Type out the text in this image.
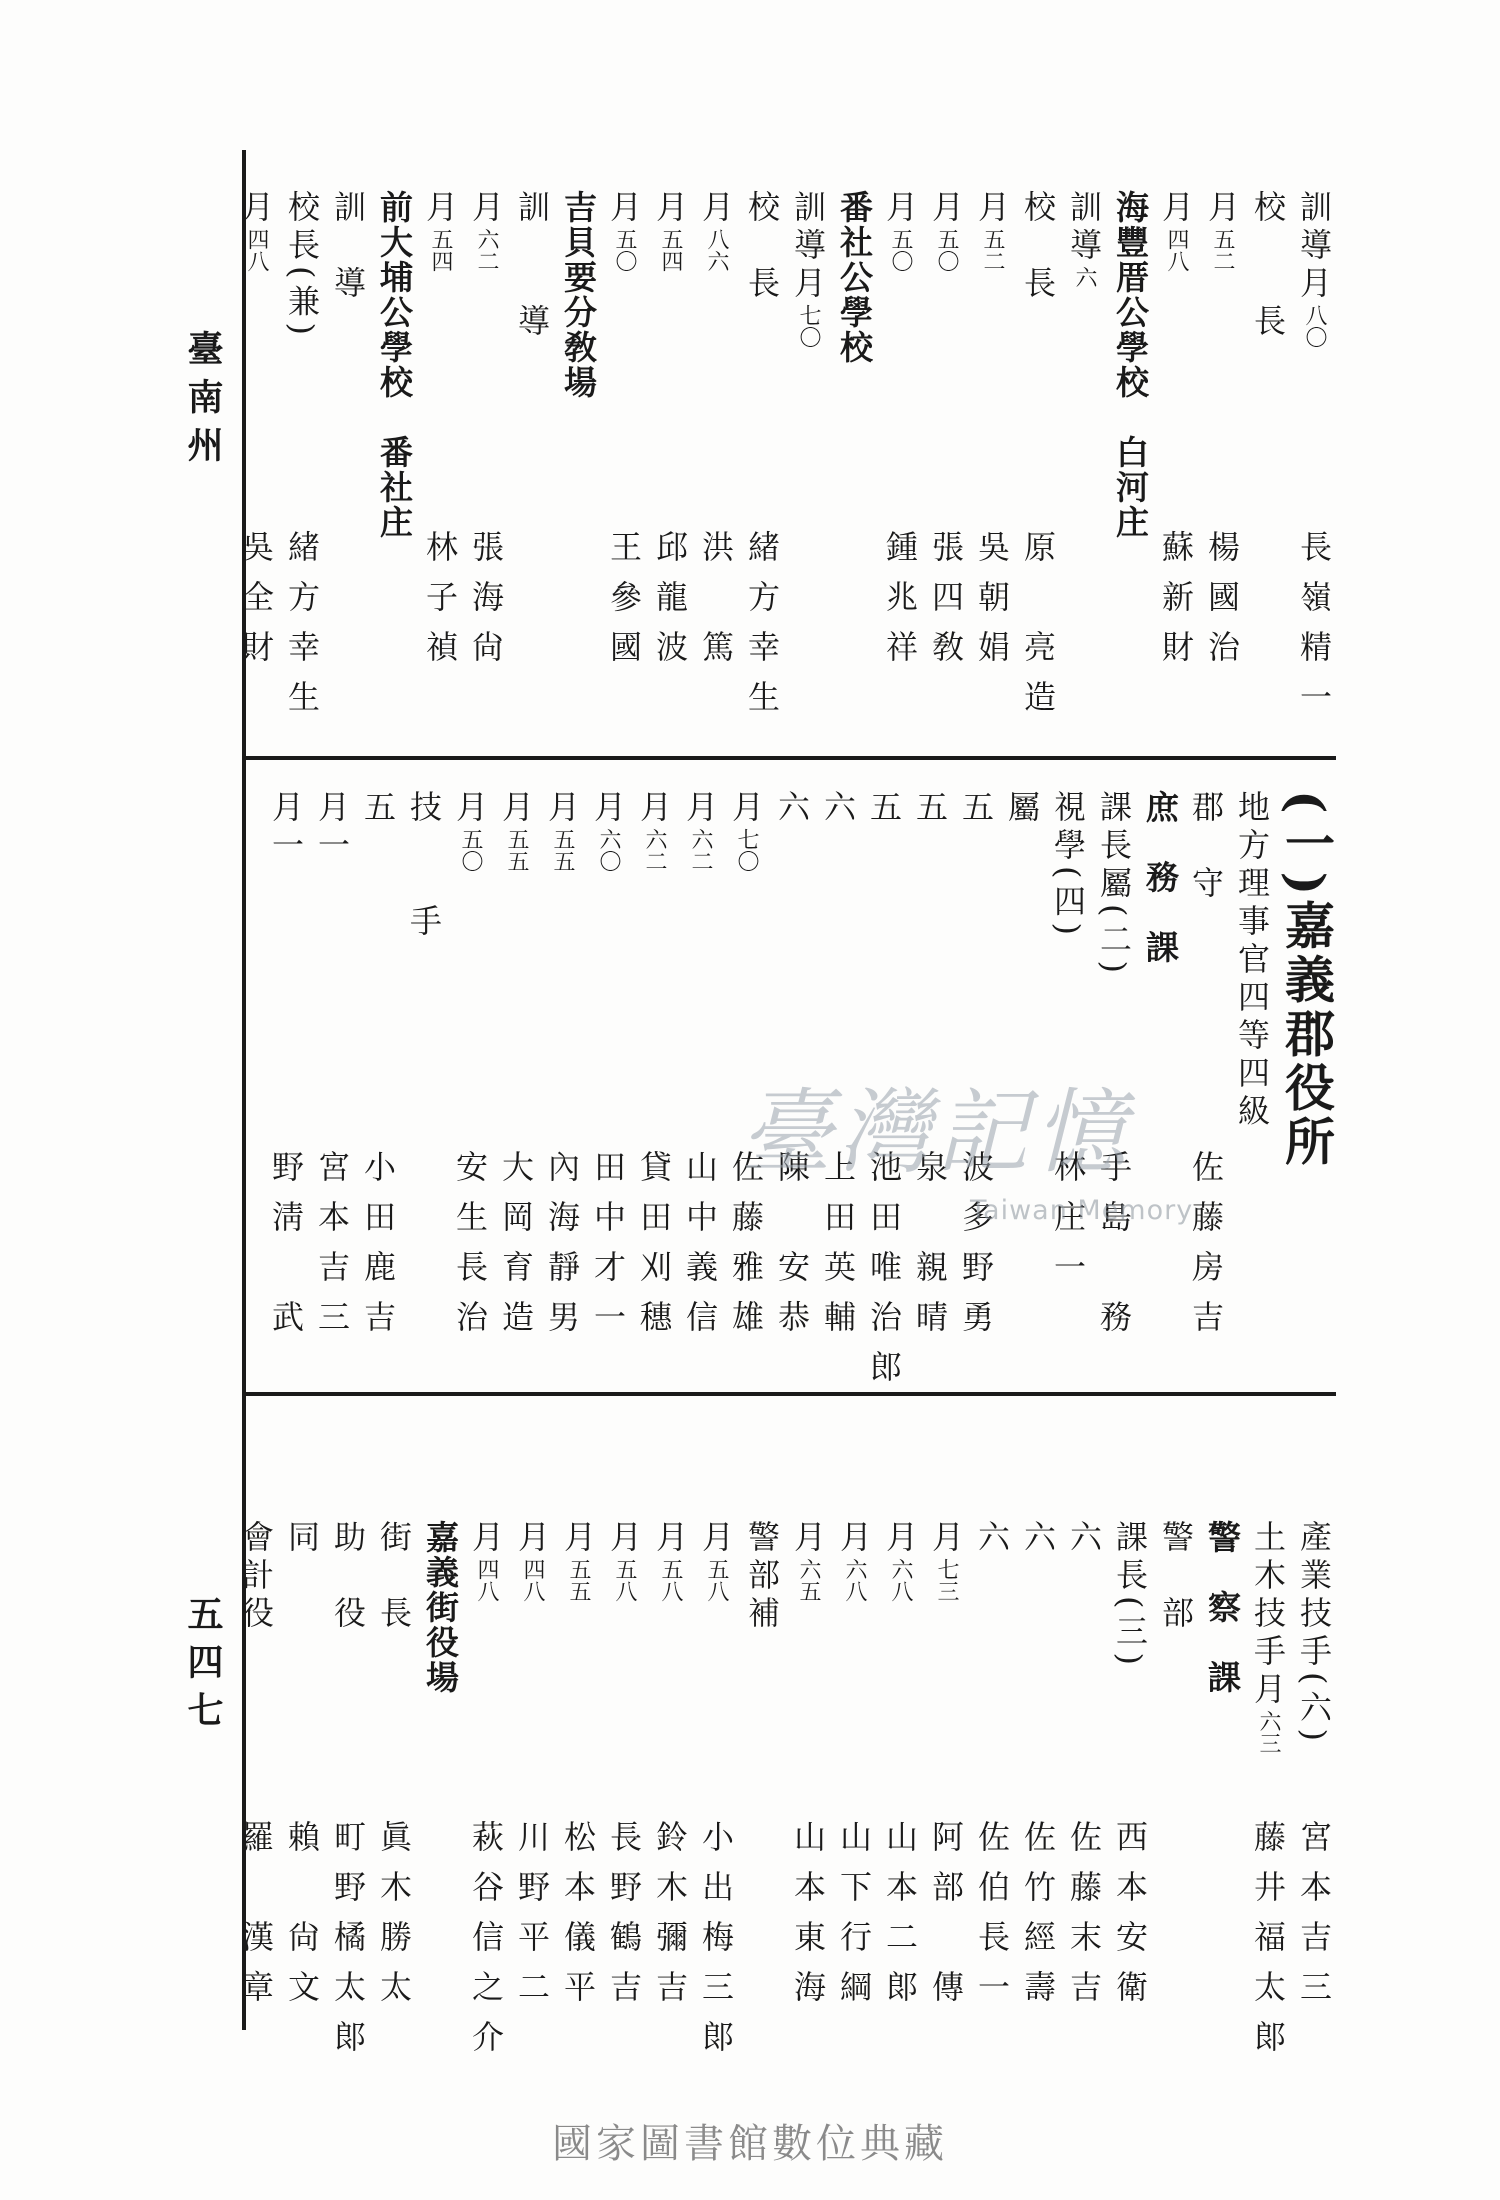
臺南州
五四七
訓導月八〇
長嶺精一
校　　長
月五二
楊國治
月四八
蘇新財
海豐厝公學校　白河庄
訓導六
校　長
原　亮造
月五二
吳朝娟
月五〇
張四敎
月五〇
鍾兆祥
番社公學校
訓導月七〇
校　長
緒方幸生
月八六
洪　篤
月五四
邱龍波
月五〇
王參國
吉貝要分敎場
訓　　導
月六二
張海尙
月五四
林子禎
前大埔公學校　番社庄
訓　導
校長(兼)
緒方幸生
月四八
吳全財
(一)嘉義郡役所
地方理事官四等四級
郡　守
佐藤房吉
庶　務　課
課長屬(二)
手島　務
視學(四)
林庄一
屬
五
波多野勇
五
泉　親晴
五
池田唯治郎
六
上田英輔
六
陳　安恭
月七〇
佐藤雅雄
月六二
山中義信
月六二
貸田刈穗
月六〇
田中才一
月五五
內海靜男
月五五
大岡育造
月五〇
安生長治
技　　手
五
小田鹿吉
月一
宮本吉三
月一
野淸　武
產業技手(六)
宮本吉三
土木技手月六三
藤井福太郞
警　察　課
警　部
課長(三)
西本安衛
六
佐藤末吉
六
佐竹經壽
六
佐伯長一
月七三
阿部　傳
月六八
山本二郞
月六八
山下行綱
月六五
山本東海
警部補
月五八
小出梅三郞
月五八
鈴木彌吉
月五八
長野鶴吉
月五五
松本儀平
月四八
川野平二
月四八
萩谷信之介
嘉義街役場
街　長
眞木勝太
助　役
町野橘太郞
同
賴　尙文
會計役
羅　漢章
臺灣記憶
Taiwan Memory
國家圖書館數位典藏
